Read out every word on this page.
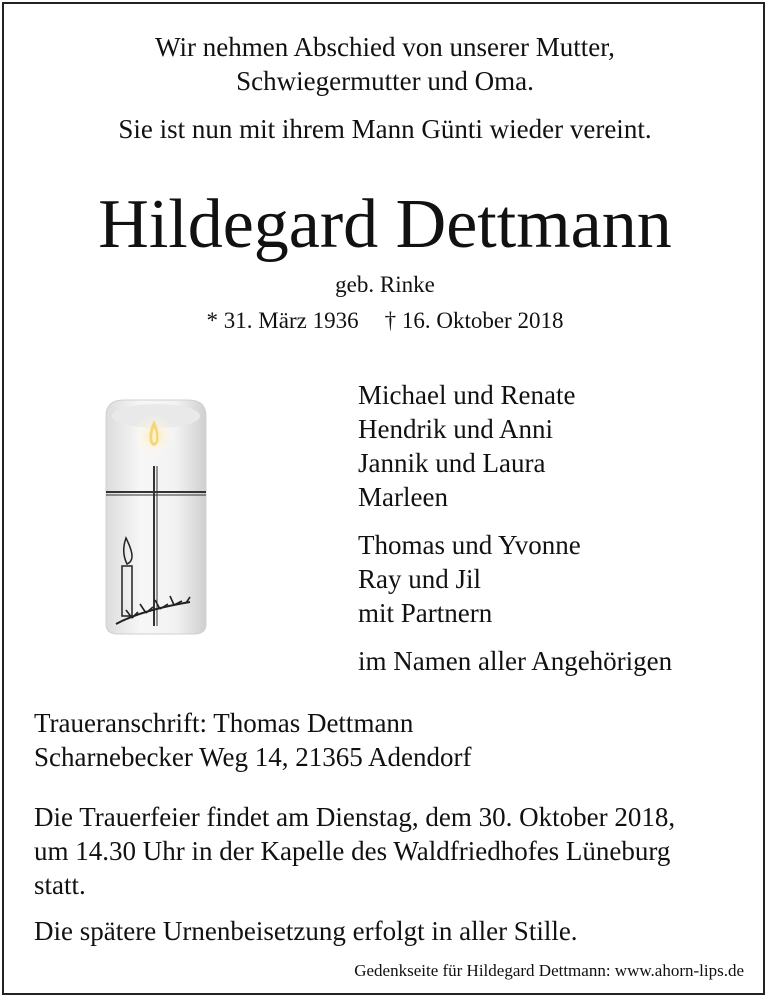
Wir nehmen Abschied von unserer Mutter,
Schwiegermutter und Oma.
Sie ist nun mit ihrem Mann Günti wieder vereint.
Hildegard Dettmann
geb. Rinke
* 31. März 1936 † 16. Oktober 2018
Michael und Renate
Hendrik und Anni
Jannik und Laura
Marleen
Thomas und Yvonne
Ray und Jil
mit Partnern
im Namen aller Angehörigen
Traueranschrift: Thomas Dettmann
Scharnebecker Weg 14, 21365 Adendorf
Die Trauerfeier findet am Dienstag, dem 30. Oktober 2018,
um 14.30 Uhr in der Kapelle des Waldfriedhofes Lüneburg
statt.
Die spätere Urnenbeisetzung erfolgt in aller Stille.
Gedenkseite für Hildegard Dettmann: www.ahorn-lips.de
